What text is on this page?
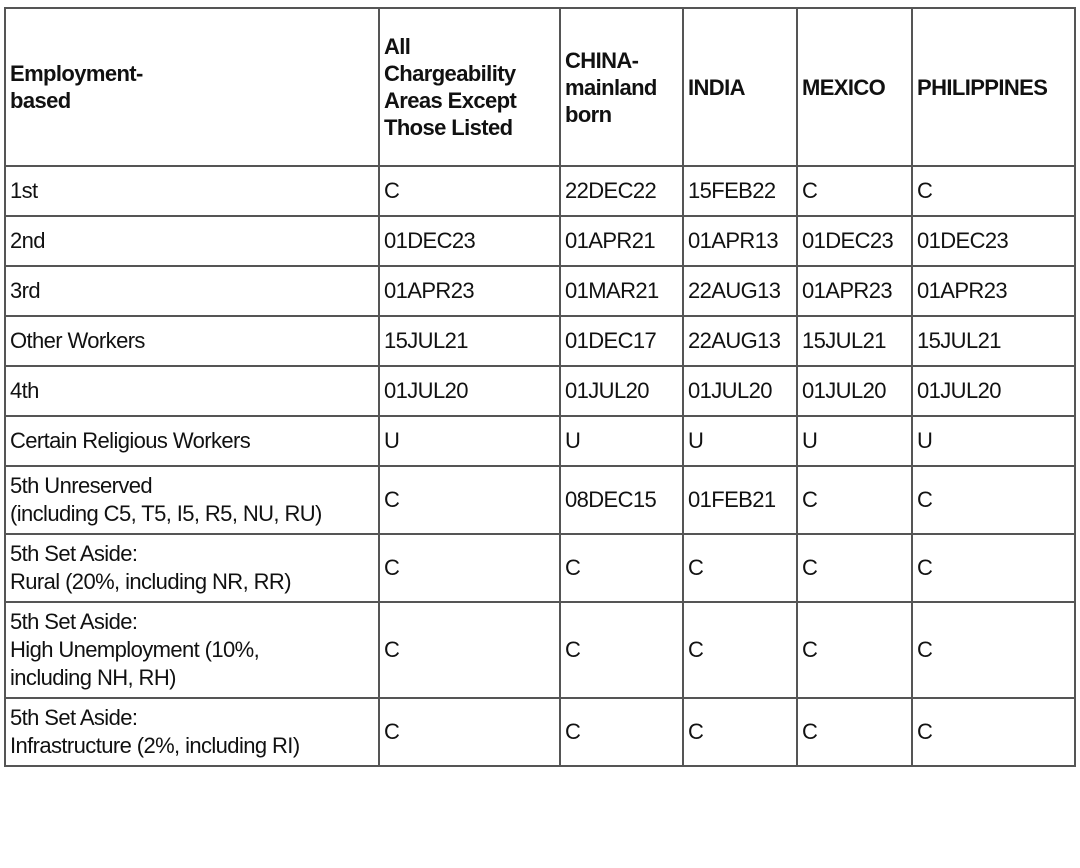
Employment-
based	All
Chargeability
Areas Except
Those Listed	CHINA-
mainland
born	INDIA	MEXICO	PHILIPPINES

1st	C	22DEC22	15FEB22	C	C

2nd	01DEC23	01APR21	01APR13	01DEC23	01DEC23

3rd	01APR23	01MAR21	22AUG13	01APR23	01APR23

Other Workers	15JUL21	01DEC17	22AUG13	15JUL21	15JUL21

4th	01JUL20	01JUL20	01JUL20	01JUL20	01JUL20

Certain Religious Workers	U	U	U	U	U

5th Unreserved
(including C5, T5, I5, R5, NU, RU)	C	08DEC15	01FEB21	C	C

5th Set Aside:
Rural (20%, including NR, RR)	C	C	C	C	C

5th Set Aside:
High Unemployment (10%,
including NH, RH)	C	C	C	C	C

5th Set Aside:
Infrastructure (2%, including RI)	C	C	C	C	C
